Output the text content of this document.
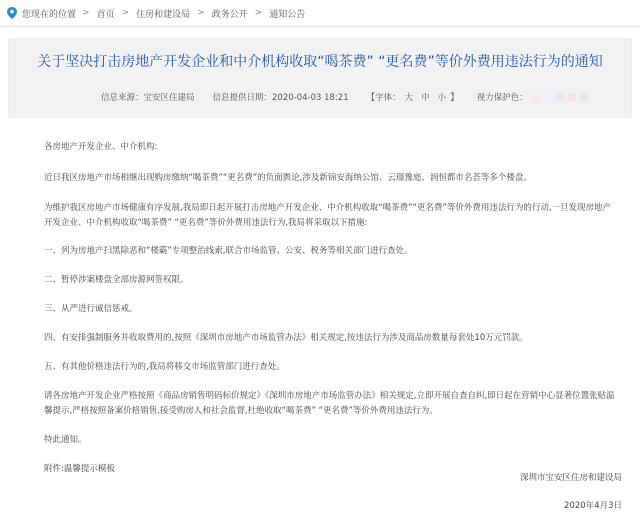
您现在的位置 > 首页 > 住房和建设局 > 政务公开 > 通知公告
关于坚决打击房地产开发企业和中介机构收取“喝茶费” “更名费”等价外费用违法行为的通知
信息来源：宝安区住建局 信息提供日期：2020-04-03 18:21 【字体： 大 中 小 】 视力保护色：

各房地产开发企业、中介机构:

近日我区房地产市场相继出现购房缴纳“喝茶费”“更名费”的负面舆论,涉及新锦安海纳公馆、云璟豫庭、润恒都市名荟等多个楼盘。

为维护我区房地产市场健康有序发展,我局即日起开展打击房地产开发企业、中介机构收取“喝茶费”“更名费”等价外费用违法行为的行动,一旦发现房地产开发企业、中介机构收取“喝茶费” “更名费”等价外费用违法行为,我局将采取以下措施:

一、列为房地产扫黑除恶和“楼霸”专项整治线索,联合市场监管、公安、税务等相关部门进行查处。

二、暂停涉案楼盘全部房源网签权限。

三、从严进行诚信惩戒。

四、有安排强制服务并收取费用的,按照《深圳市房地产市场监管办法》相关规定,按违法行为涉及商品房数量每套处10万元罚款。

五、有其他价格违法行为的,我局将移交市场监管部门进行查处。

请各房地产开发企业严格按照《商品房销售明码标价规定》《深圳市房地产市场监管办法》相关规定,立即开展自查自纠,即日起在营销中心显著位置张贴温馨提示,严格按照备案价格销售,接受购房人和社会监督,杜绝收取“喝茶费” “更名费”等价外费用违法行为。

特此通知。

附件:温馨提示模板

深圳市宝安区住房和建设局
2020年4月3日
